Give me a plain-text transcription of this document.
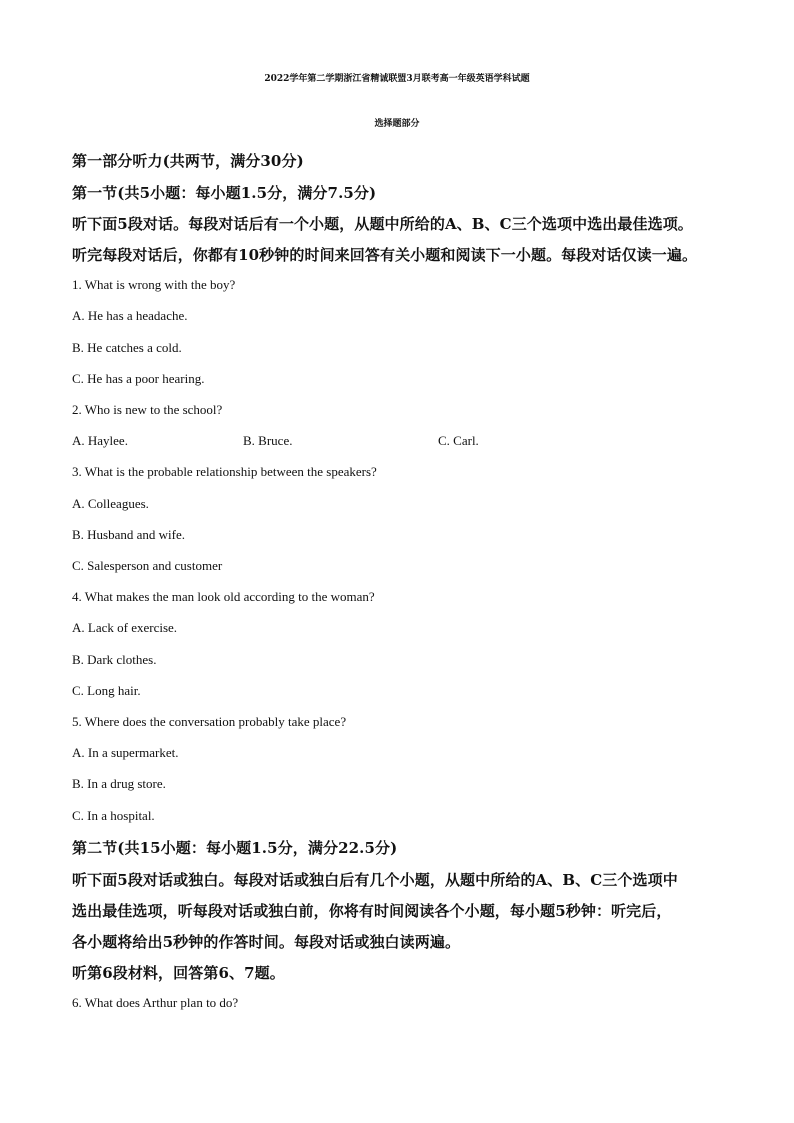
2022学年第二学期浙江省精诚联盟3月联考高一年级英语学科试题
选择题部分
第一部分听力(共两节，满分30分)
第一节(共5小题：每小题1.5分，满分7.5分)
听下面5段对话。每段对话后有一个小题，从题中所给的A、B、C三个选项中选出最佳选项。
听完每段对话后，你都有10秒钟的时间来回答有关小题和阅读下一小题。每段对话仅读一遍。
1. What is wrong with the boy?
A. He has a headache.
B. He catches a cold.
C. He has a poor hearing.
2. Who is new to the school?
A. Haylee.	B. Bruce.	C. Carl.
3. What is the probable relationship between the speakers?
A. Colleagues.
B. Husband and wife.
C. Salesperson and customer
4. What makes the man look old according to the woman?
A. Lack of exercise.
B. Dark clothes.
C. Long hair.
5. Where does the conversation probably take place?
A. In a supermarket.
B. In a drug store.
C. In a hospital.
第二节(共15小题：每小题1.5分，满分22.5分)
听下面5段对话或独白。每段对话或独白后有几个小题，从题中所给的A、B、C三个选项中
选出最佳选项，听每段对话或独白前，你将有时间阅读各个小题，每小题5秒钟：听完后，
各小题将给出5秒钟的作答时间。每段对话或独白读两遍。
听第6段材料，回答第6、7题。
6. What does Arthur plan to do?
